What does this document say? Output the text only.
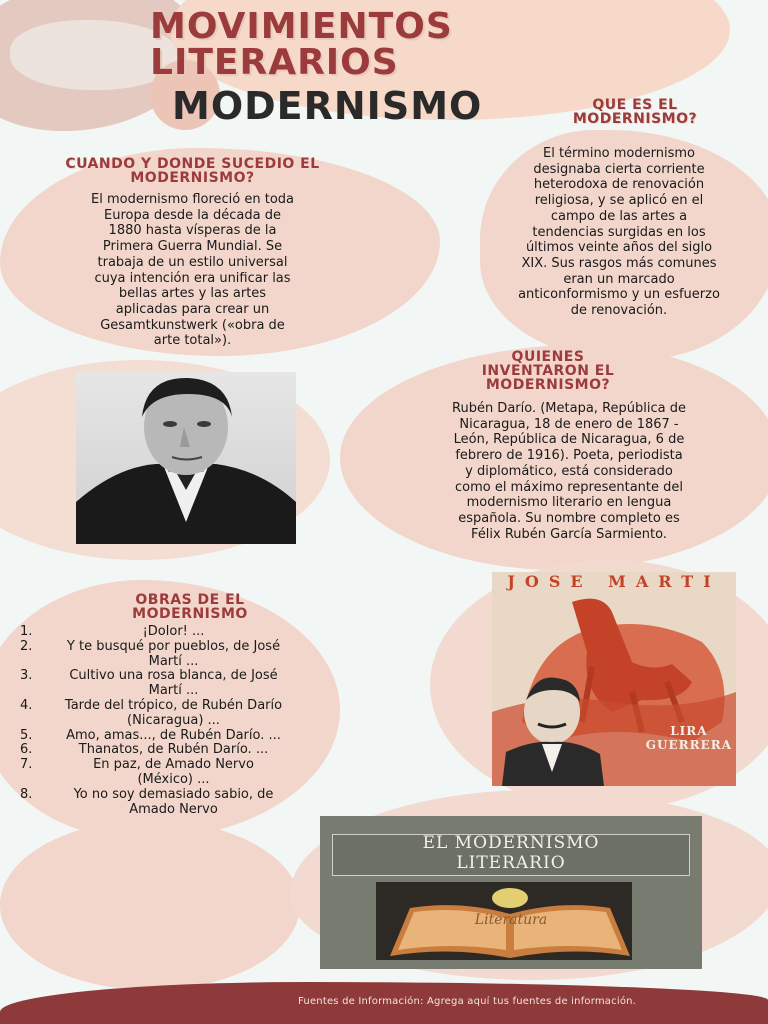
MOVIMIENTOS
LITERARIOS
MODERNISMO	QUE ES EL
MODERNISMO?
El término modernismo
designaba cierta corriente
heterodoxa de renovación
religiosa, y se aplicó en el
campo de las artes a
tendencias surgidas en los
últimos veinte años del siglo
XIX. Sus rasgos más comunes
eran un marcado
anticonformismo y un esfuerzo
de renovación.
CUANDO Y DONDE SUCEDIO EL
MODERNISMO?
El modernismo floreció en toda
Europa desde la década de
1880 hasta vísperas de la
Primera Guerra Mundial. Se
trabaja de un estilo universal
cuya intención era unificar las
bellas artes y las artes
aplicadas para crear un
Gesamtkunstwerk («obra de
arte total»).
QUIENES
INVENTARON EL
MODERNISMO?
Rubén Darío. (Metapa, República de
Nicaragua, 18 de enero de 1867 -
León, República de Nicaragua, 6 de
febrero de 1916). Poeta, periodista
y diplomático, está considerado
como el máximo representante del
modernismo literario en lengua
española. Su nombre completo es
Félix Rubén García Sarmiento.
OBRAS DE EL
MODERNISMO
1.	¡Dolor! ...
2.	Y te busqué por pueblos, de José
Martí ...
3.	Cultivo una rosa blanca, de José
Martí ...
4.	Tarde del trópico, de Rubén Darío
(Nicaragua) ...
5.	Amo, amas..., de Rubén Darío. ...
6.	Thanatos, de Rubén Darío. ...
7.	En paz, de Amado Nervo
(México) ...
8.	Yo no soy demasiado sabio, de
Amado Nervo
JOSE MARTI
LIRA
GUERRERA
EL MODERNISMO
LITERARIO
Literatura
Fuentes de Información: Agrega aquí tus fuentes de información.
